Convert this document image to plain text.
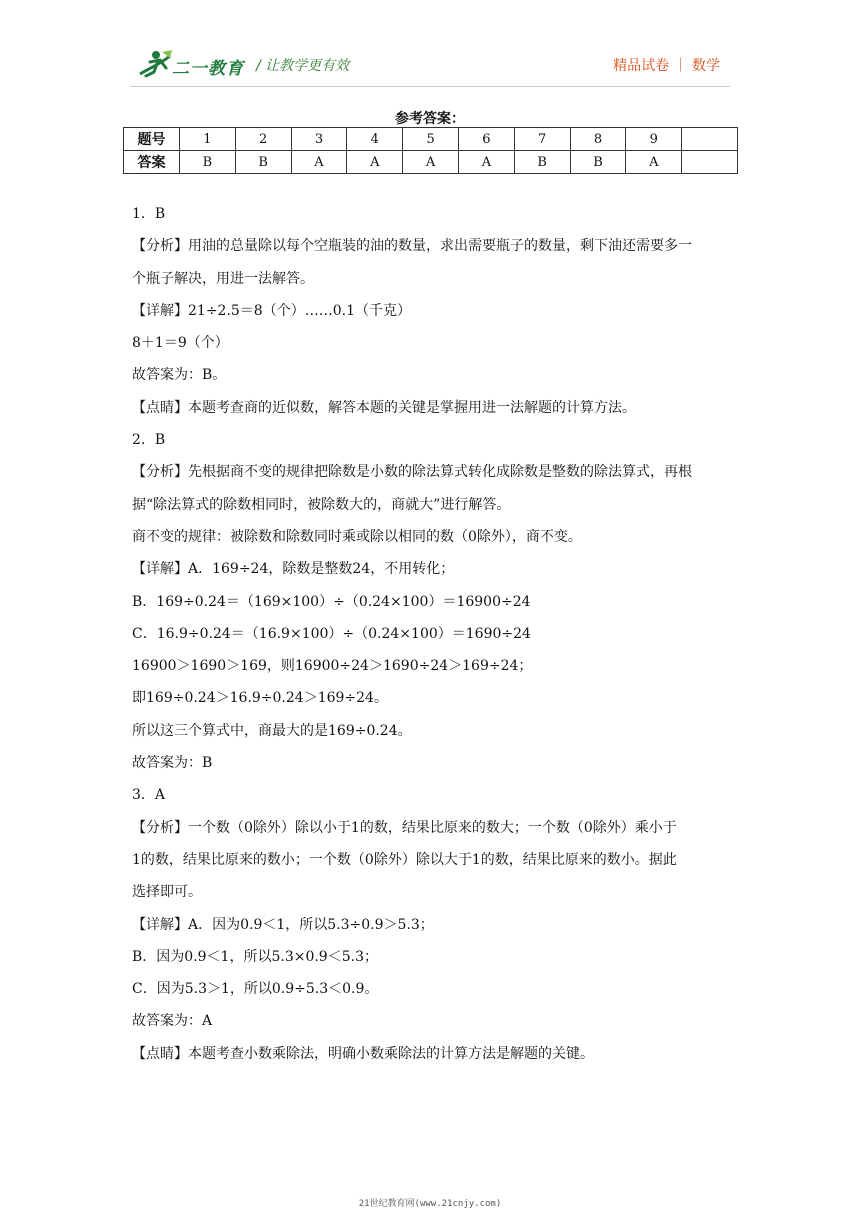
二一教育 / 让教学更有效	精品试卷 ｜ 数学
参考答案：
题号	1	2	3	4	5	6	7	8	9	
答案	B	B	A	A	A	A	B	B	A	

1．B

【分析】用油的总量除以每个空瓶装的油的数量，求出需要瓶子的数量，剩下油还需要多一

个瓶子解决，用进一法解答。

【详解】21÷2.5＝8（个）……0.1（千克）

8＋1＝9（个）

故答案为：B。

【点睛】本题考查商的近似数，解答本题的关键是掌握用进一法解题的计算方法。

2．B

【分析】先根据商不变的规律把除数是小数的除法算式转化成除数是整数的除法算式，再根

据“除法算式的除数相同时，被除数大的，商就大”进行解答。

商不变的规律：被除数和除数同时乘或除以相同的数（0除外），商不变。

【详解】A．169÷24，除数是整数24，不用转化；

B．169÷0.24＝（169×100）÷（0.24×100）＝16900÷24

C．16.9÷0.24＝（16.9×100）÷（0.24×100）＝1690÷24

16900＞1690＞169，则16900÷24＞1690÷24＞169÷24；

即169÷0.24＞16.9÷0.24＞169÷24。

所以这三个算式中，商最大的是169÷0.24。

故答案为：B

3．A

【分析】一个数（0除外）除以小于1的数，结果比原来的数大；一个数（0除外）乘小于

1的数，结果比原来的数小；一个数（0除外）除以大于1的数，结果比原来的数小。据此

选择即可。

【详解】A．因为0.9＜1，所以5.3÷0.9＞5.3；

B．因为0.9＜1，所以5.3×0.9＜5.3；

C．因为5.3＞1，所以0.9÷5.3＜0.9。

故答案为：A

【点睛】本题考查小数乘除法，明确小数乘除法的计算方法是解题的关键。

21世纪教育网(www.21cnjy.com)
